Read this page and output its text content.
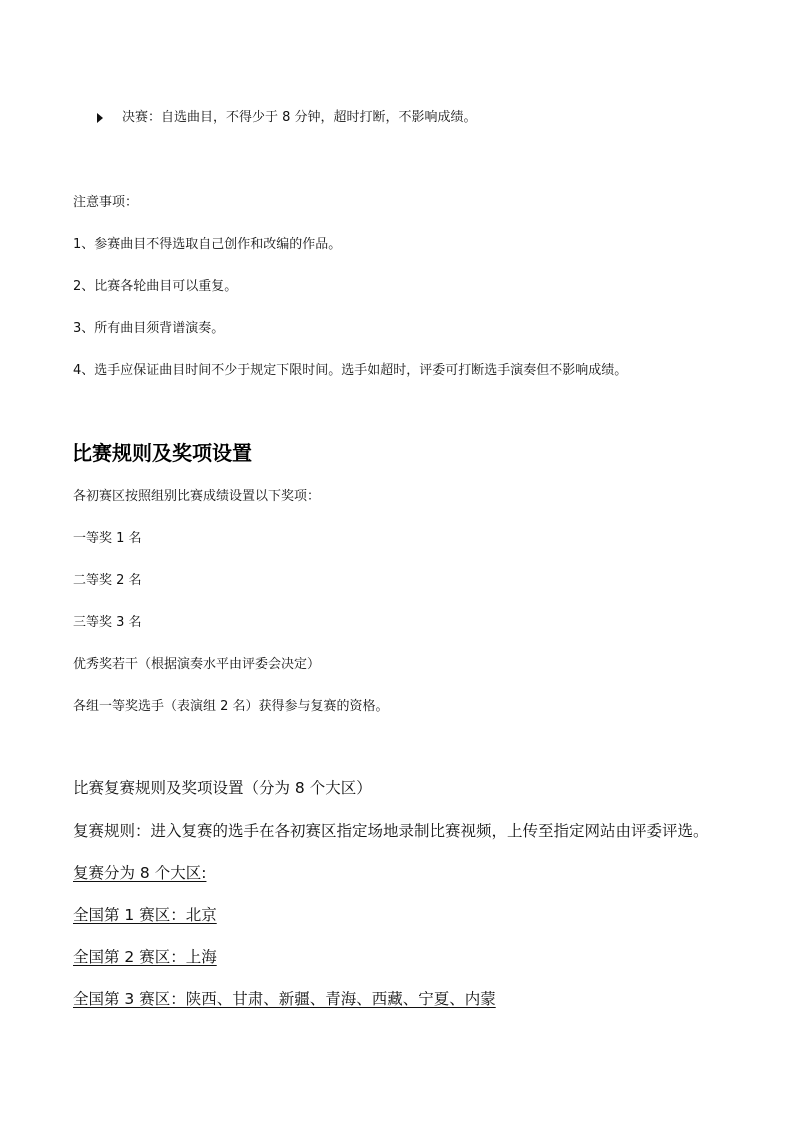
决赛：自选曲目，不得少于 8 分钟，超时打断，不影响成绩。
注意事项：
1、参赛曲目不得选取自己创作和改编的作品。
2、比赛各轮曲目可以重复。
3、所有曲目须背谱演奏。
4、选手应保证曲目时间不少于规定下限时间。选手如超时，评委可打断选手演奏但不影响成绩。
比赛规则及奖项设置
各初赛区按照组别比赛成绩设置以下奖项：
一等奖 1 名
二等奖 2 名
三等奖 3 名
优秀奖若干（根据演奏水平由评委会决定）
各组一等奖选手（表演组 2 名）获得参与复赛的资格。
比赛复赛规则及奖项设置（分为 8 个大区）
复赛规则：进入复赛的选手在各初赛区指定场地录制比赛视频，上传至指定网站由评委评选。
复赛分为 8 个大区:
全国第 1 赛区：北京
全国第 2 赛区：上海
全国第 3 赛区：陕西、甘肃、新疆、青海、西藏、宁夏、内蒙
